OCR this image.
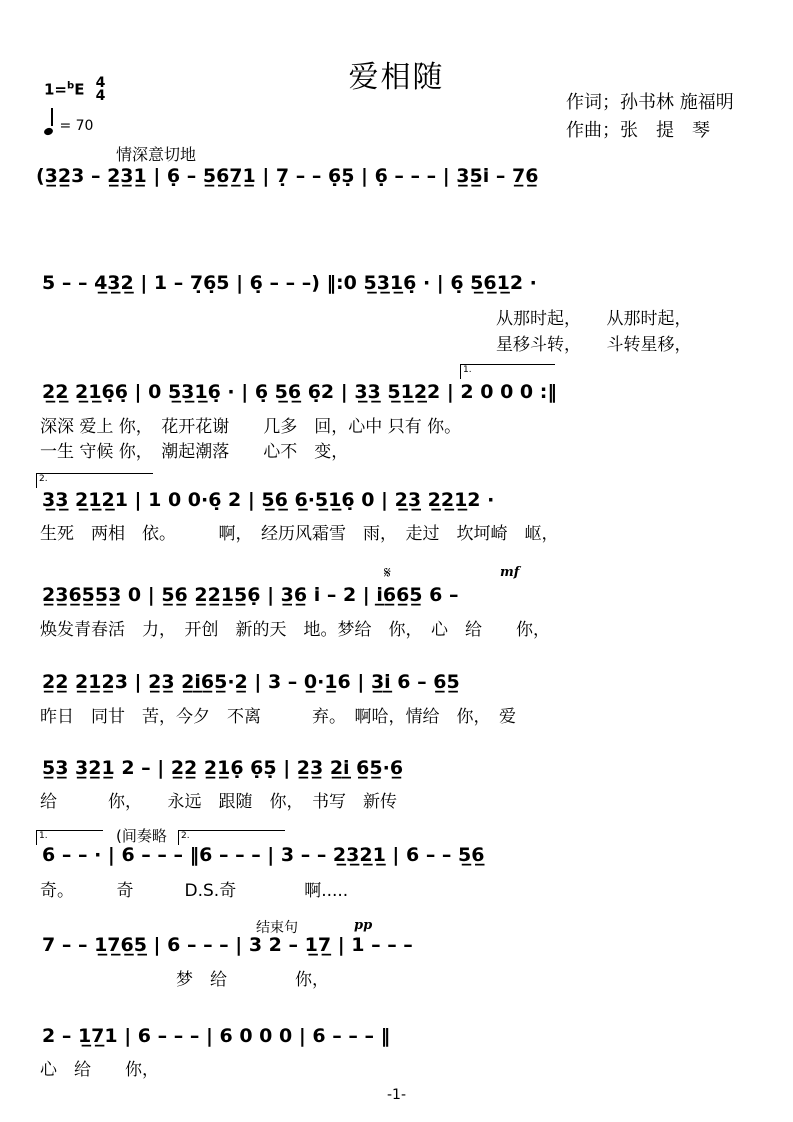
爱相随
作词；孙书林 施福明
作曲；张　提　琴
1=$^b$E 4
4
= 70
情深意切地
(3̲2̲3 – 2̲3̲1̲ | 6̣ – 5̲6̲7̲1̲ | 7̣ – – 6̣5̣ | 6̣ – – – | 3̲5̲i – 7̲6̲
5 – – 4̲3̲2̲ | 1 – 7̣6̣5 | 6̣ – – –) ‖:0 5̲3̲1̲6̣ · | 6̣ 5̲6̲1̲2 ·
从那时起，　　从那时起，
星移斗转，　　斗转星移，
2̲2̲ 2̲1̲6̣6̣ | 0 5̲3̲1̲6̣ · | 6̣ 5̲6̲ 6̣2 | 3̲3̲ 5̲1̲2̲2 | 2 0 0 0 :‖
深深 爱上 你，　花开花谢　　几多　回，心中 只有 你。
一生 守候 你，　潮起潮落　　心不　变，
3̲3̲ 2̲1̲2̲1 | 1 0 0·6̣ 2 | 5̲6̲ 6̲·5̲1̲6̣ 0 | 2̲3̲ 2̲2̲1̲2 ·
生死　两相　依。　　　啊，　经历风霜雪　雨，　走过　坎坷崎　岖，
2̲3̲6̲5̲5̲3̲ 0 | 5̲6̲ 2̲2̲1̲5̲6̣ | 3̲6̲ i – 2 | i̲6̲6̲5̲ 6 –
焕发青春活　力，　开创　新的天　地。梦给　你，　心　给　　你，
2̲2̲ 2̲1̲2̲3 | 2̲3̲ 2̲i̲6̲5̲·2̲ | 3 – 0̲·1̲6 | 3̲i̲ 6 – 6̲5̲
昨日　同甘　苦，今夕　不离　　　弃。　啊哈，情给　你，　爱
5̲3̲ 3̲2̲1̲ 2 – | 2̲2̲ 2̲1̲6̣ 6̣5̣ | 2̲3̲ 2̲i̲ 6̲5̲·6̲
给　　　你，　　永远　跟随　你，　书写　新传
6 – – · | 6 – – – ‖6 – – – | 3 – – 2̲3̲2̲1̲ | 6 – – 5̲6̲
奇。　　　奇　　　D.S.奇　　　　啊.....
7 – – 1̲7̲6̲5̲ | 6 – – – | 3 2 – 1̲7̲ | 1 – – –
　　　　　　　　梦　给　　　　你，
2 – 1̲7̲1 | 6 – – – | 6 0 0 0 | 6 – – – ‖
心　给　　你，
1.
2.
1.	2.
(间奏略
结束句
mf
pp
𝄋
-1-
